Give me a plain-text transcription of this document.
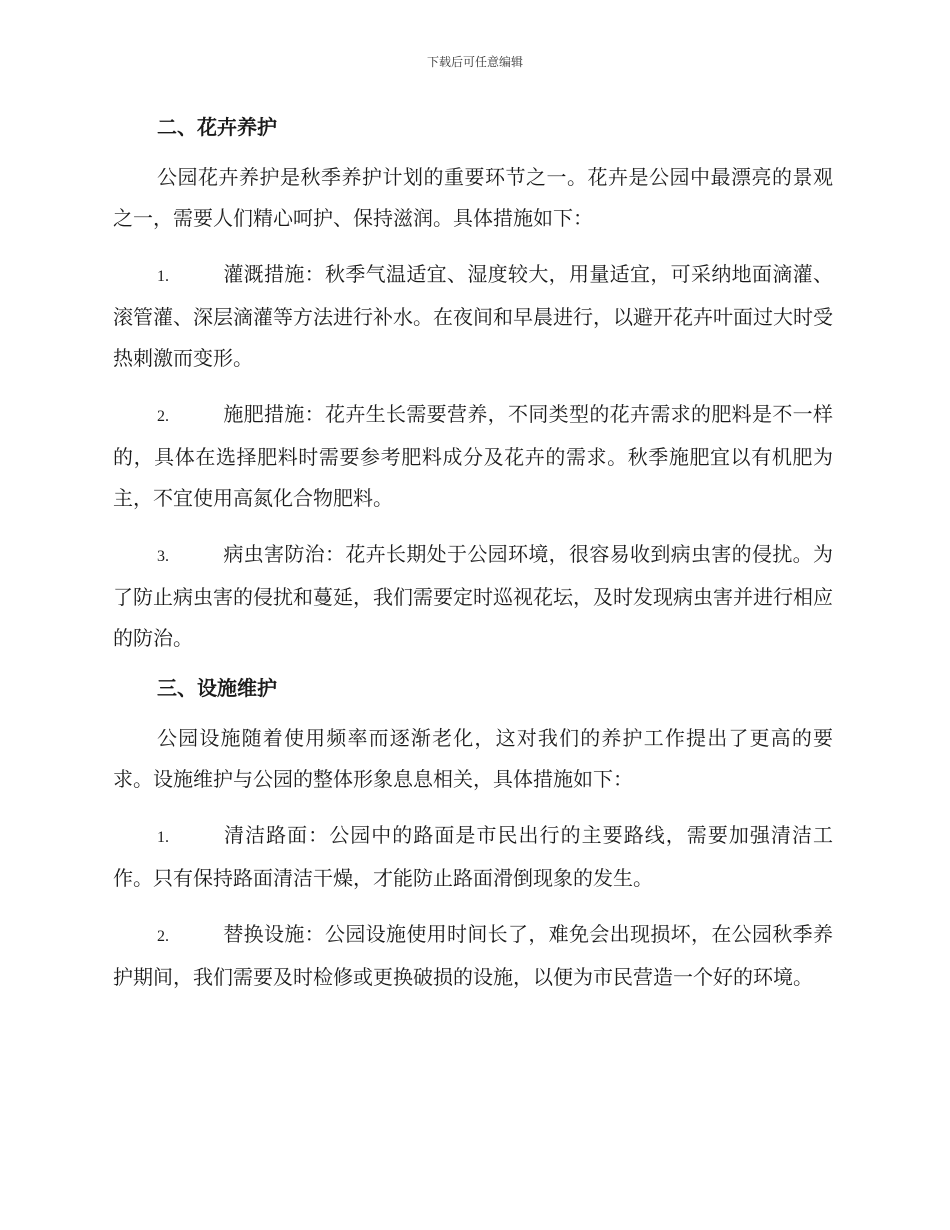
下载后可任意编辑
二、花卉养护

公园花卉养护是秋季养护计划的重要环节之一。花卉是公园中最漂亮的景观之一，需要人们精心呵护、保持滋润。具体措施如下：

1.	灌溉措施：秋季气温适宜、湿度较大，用量适宜，可采纳地面滴灌、滚管灌、深层滴灌等方法进行补水。在夜间和早晨进行，以避开花卉叶面过大时受热刺激而变形。

2.	施肥措施：花卉生长需要营养，不同类型的花卉需求的肥料是不一样的，具体在选择肥料时需要参考肥料成分及花卉的需求。秋季施肥宜以有机肥为主，不宜使用高氮化合物肥料。

3.	病虫害防治：花卉长期处于公园环境，很容易收到病虫害的侵扰。为了防止病虫害的侵扰和蔓延，我们需要定时巡视花坛，及时发现病虫害并进行相应的防治。

三、设施维护

公园设施随着使用频率而逐渐老化，这对我们的养护工作提出了更高的要求。设施维护与公园的整体形象息息相关，具体措施如下：

1.	清洁路面：公园中的路面是市民出行的主要路线，需要加强清洁工作。只有保持路面清洁干燥，才能防止路面滑倒现象的发生。

2.	替换设施：公园设施使用时间长了，难免会出现损坏，在公园秋季养护期间，我们需要及时检修或更换破损的设施，以便为市民营造一个好的环境。
